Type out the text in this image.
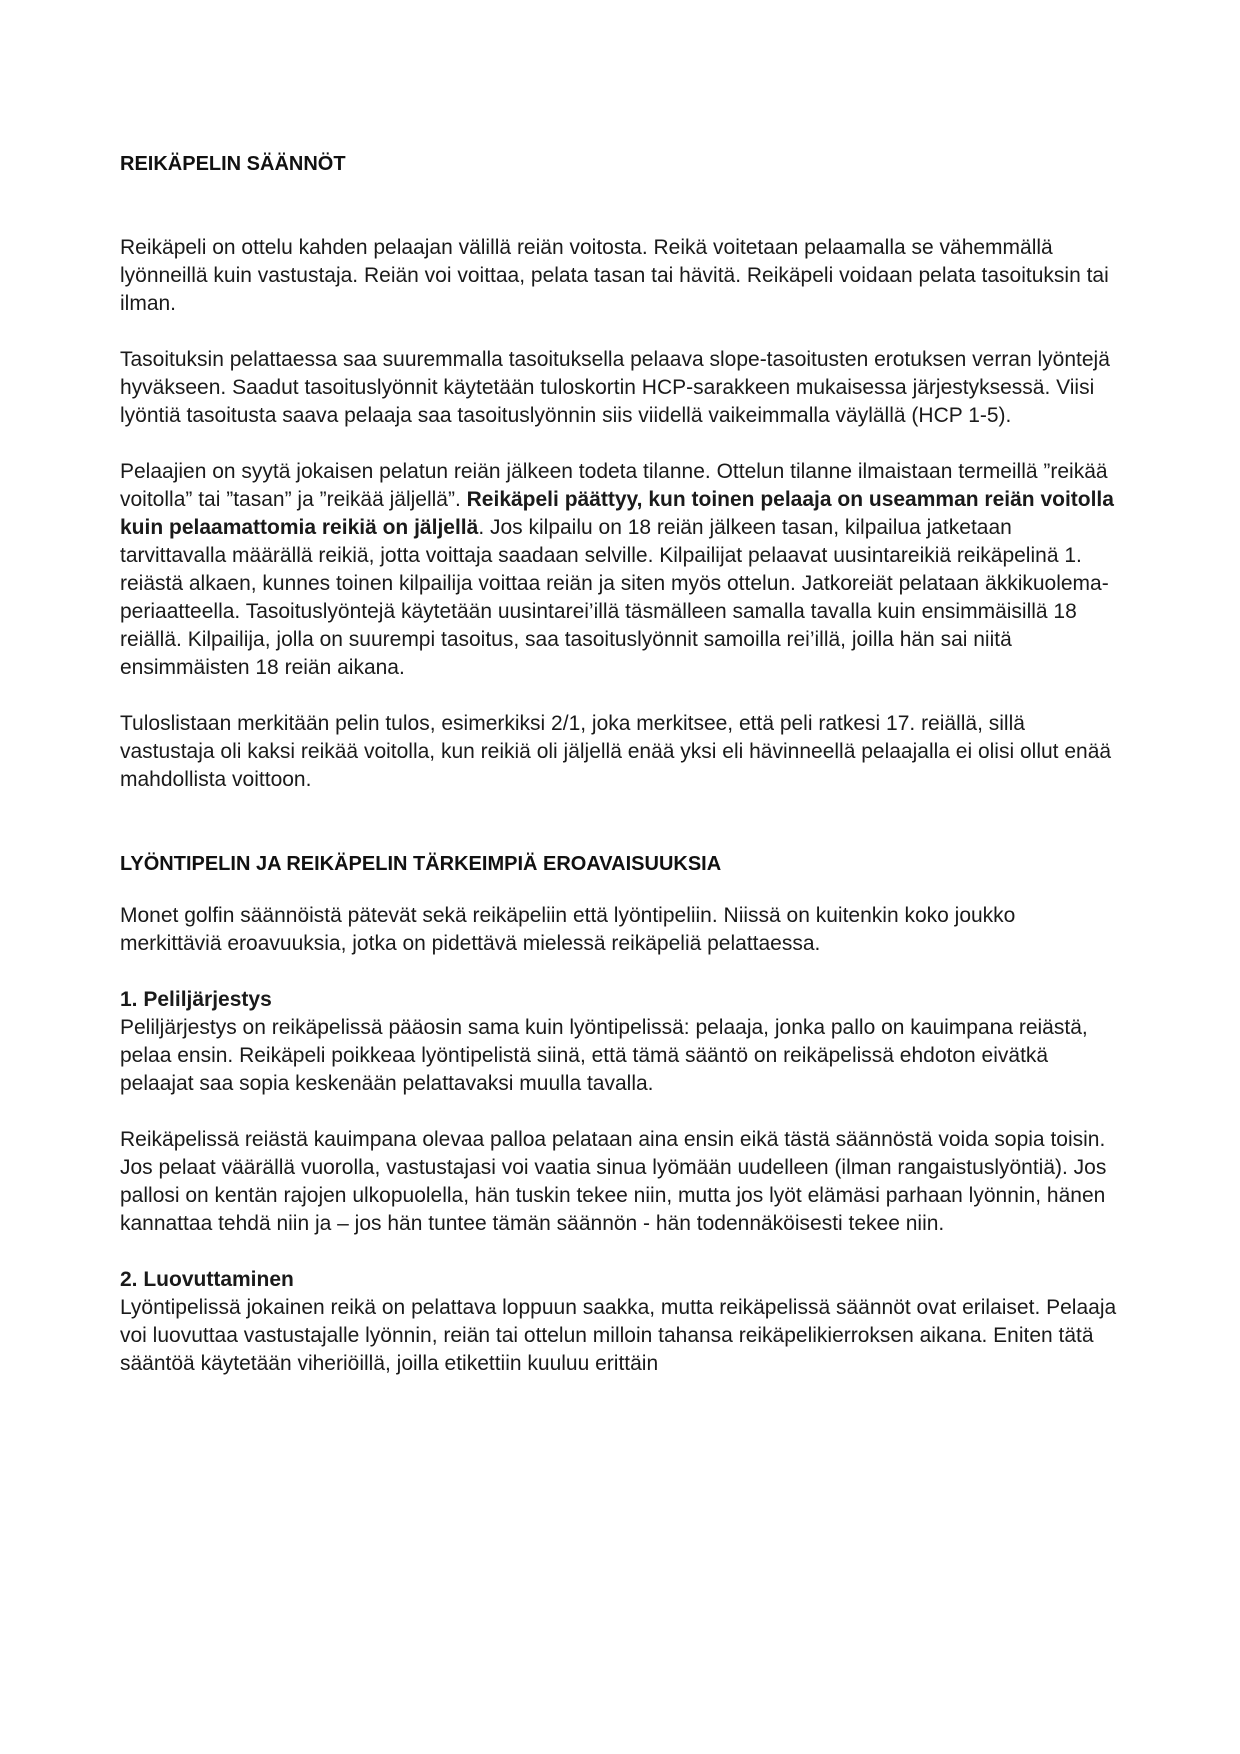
REIKÄPELIN SÄÄNNÖT

Reikäpeli on ottelu kahden pelaajan välillä reiän voitosta. Reikä voitetaan pelaamalla se vähemmällä lyönneillä kuin vastustaja. Reiän voi voittaa, pelata tasan tai hävitä. Reikäpeli voidaan pelata tasoituksin tai ilman.

Tasoituksin pelattaessa saa suuremmalla tasoituksella pelaava slope-tasoitusten erotuksen verran lyöntejä hyväkseen. Saadut tasoituslyönnit käytetään tuloskortin HCP-sarakkeen mukaisessa järjestyksessä. Viisi lyöntiä tasoitusta saava pelaaja saa tasoituslyönnin siis viidellä vaikeimmalla väylällä (HCP 1-5).

Pelaajien on syytä jokaisen pelatun reiän jälkeen todeta tilanne. Ottelun tilanne ilmaistaan termeillä ”reikää voitolla” tai ”tasan” ja ”reikää jäljellä”. Reikäpeli päättyy, kun toinen pelaaja on useamman reiän voitolla kuin pelaamattomia reikiä on jäljellä. Jos kilpailu on 18 reiän jälkeen tasan, kilpailua jatketaan tarvittavalla määrällä reikiä, jotta voittaja saadaan selville. Kilpailijat pelaavat uusintareikiä reikäpelinä 1. reiästä alkaen, kunnes toinen kilpailija voittaa reiän ja siten myös ottelun. Jatkoreiät pelataan äkkikuolema-periaatteella. Tasoituslyöntejä käytetään uusintarei’illä täsmälleen samalla tavalla kuin ensimmäisillä 18 reiällä. Kilpailija, jolla on suurempi tasoitus, saa tasoituslyönnit samoilla rei’illä, joilla hän sai niitä ensimmäisten 18 reiän aikana.

Tuloslistaan merkitään pelin tulos, esimerkiksi 2/1, joka merkitsee, että peli ratkesi 17. reiällä, sillä vastustaja oli kaksi reikää voitolla, kun reikiä oli jäljellä enää yksi eli hävinneellä pelaajalla ei olisi ollut enää mahdollista voittoon.

LYÖNTIPELIN JA REIKÄPELIN TÄRKEIMPIÄ EROAVAISUUKSIA

Monet golfin säännöistä pätevät sekä reikäpeliin että lyöntipeliin. Niissä on kuitenkin koko joukko merkittäviä eroavuuksia, jotka on pidettävä mielessä reikäpeliä pelattaessa.

1. Peliljärjestys

Peliljärjestys on reikäpelissä pääosin sama kuin lyöntipelissä: pelaaja, jonka pallo on kauimpana reiästä, pelaa ensin. Reikäpeli poikkeaa lyöntipelistä siinä, että tämä sääntö on reikäpelissä ehdoton eivätkä pelaajat saa sopia keskenään pelattavaksi muulla tavalla.

Reikäpelissä reiästä kauimpana olevaa palloa pelataan aina ensin eikä tästä säännöstä voida sopia toisin. Jos pelaat väärällä vuorolla, vastustajasi voi vaatia sinua lyömään uudelleen (ilman rangaistuslyöntiä). Jos pallosi on kentän rajojen ulkopuolella, hän tuskin tekee niin, mutta jos lyöt elämäsi parhaan lyönnin, hänen kannattaa tehdä niin ja – jos hän tuntee tämän säännön - hän todennäköisesti tekee niin.

2. Luovuttaminen

Lyöntipelissä jokainen reikä on pelattava loppuun saakka, mutta reikäpelissä säännöt ovat erilaiset. Pelaaja voi luovuttaa vastustajalle lyönnin, reiän tai ottelun milloin tahansa reikäpelikierroksen aikana. Eniten tätä sääntöä käytetään viheriöillä, joilla etikettiin kuuluu erittäin
